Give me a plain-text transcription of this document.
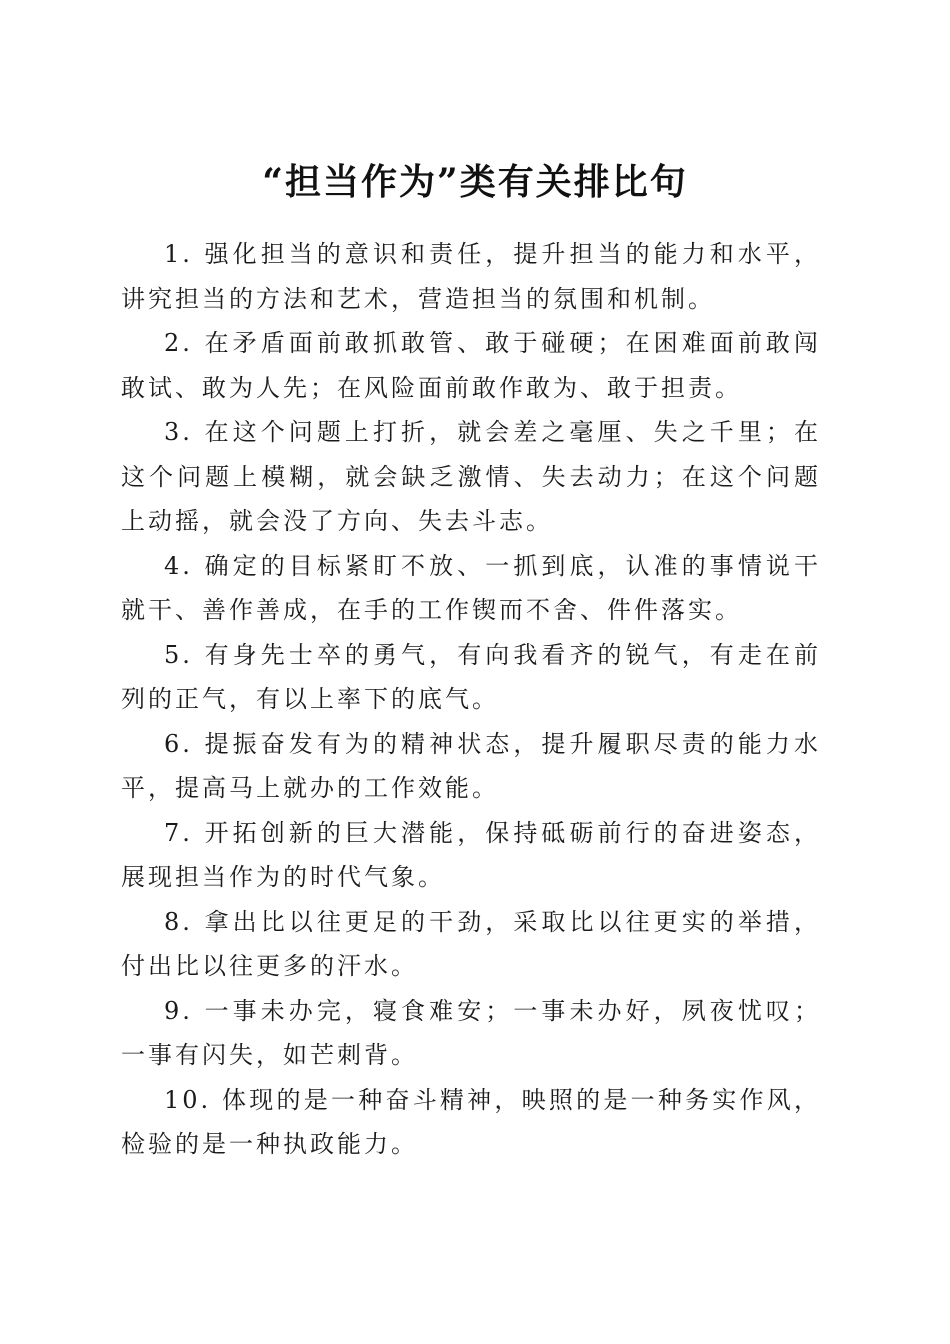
“担当作为”类有关排比句

1. 强化担当的意识和责任，提升担当的能力和水平，讲究担当的方法和艺术，营造担当的氛围和机制。

2. 在矛盾面前敢抓敢管、敢于碰硬；在困难面前敢闯敢试、敢为人先；在风险面前敢作敢为、敢于担责。

3. 在这个问题上打折，就会差之毫厘、失之千里；在这个问题上模糊，就会缺乏激情、失去动力；在这个问题上动摇，就会没了方向、失去斗志。

4. 确定的目标紧盯不放、一抓到底，认准的事情说干就干、善作善成，在手的工作锲而不舍、件件落实。

5. 有身先士卒的勇气，有向我看齐的锐气，有走在前列的正气，有以上率下的底气。

6. 提振奋发有为的精神状态，提升履职尽责的能力水平，提高马上就办的工作效能。

7. 开拓创新的巨大潜能，保持砥砺前行的奋进姿态，展现担当作为的时代气象。

8. 拿出比以往更足的干劲，采取比以往更实的举措，付出比以往更多的汗水。

9. 一事未办完，寝食难安；一事未办好，夙夜忧叹；一事有闪失，如芒刺背。

10. 体现的是一种奋斗精神，映照的是一种务实作风，检验的是一种执政能力。
